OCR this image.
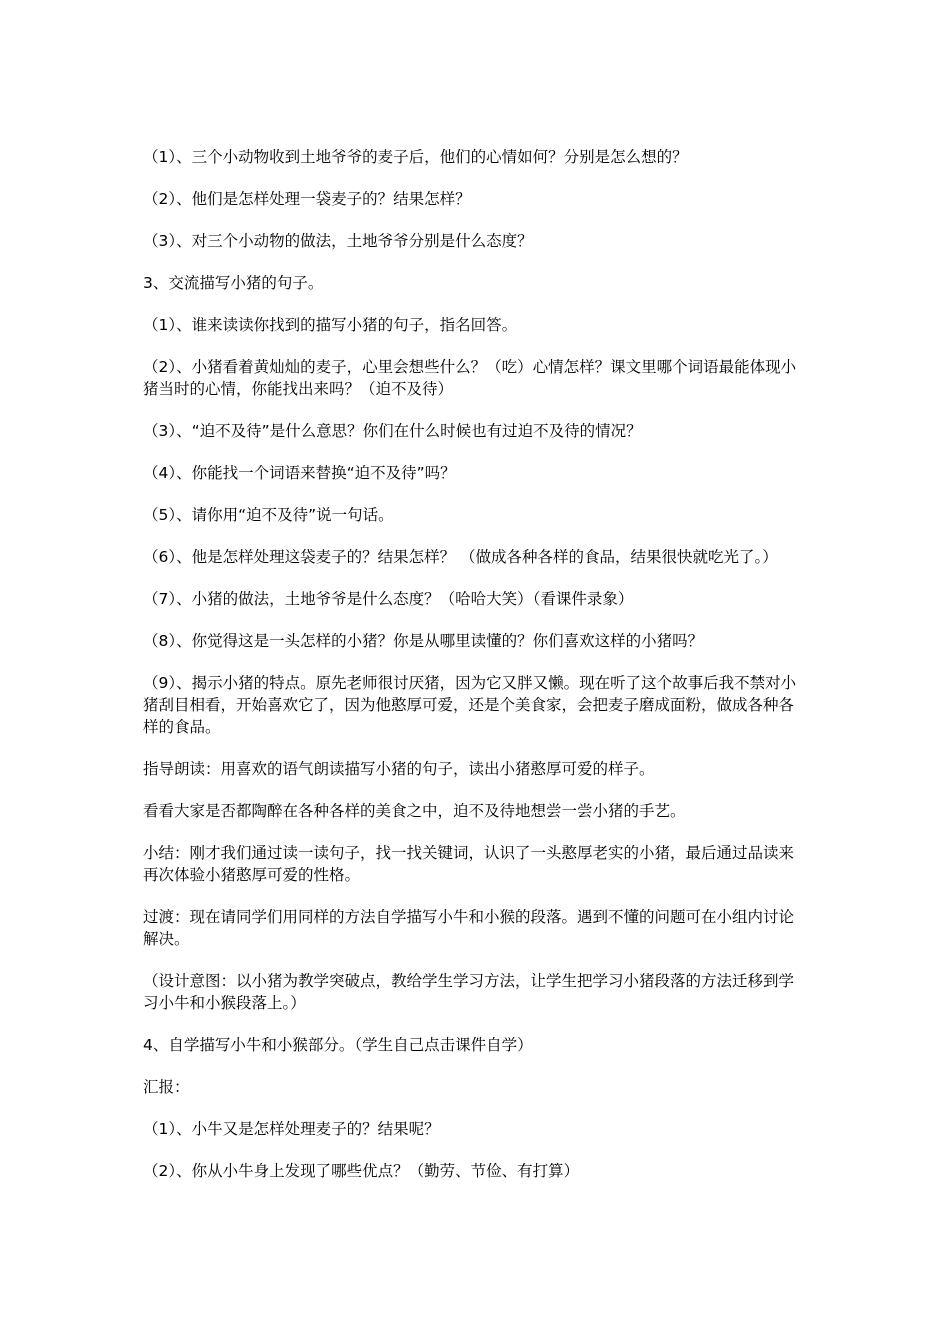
（1）、三个小动物收到土地爷爷的麦子后，他们的心情如何？分别是怎么想的？

（2）、他们是怎样处理一袋麦子的？结果怎样？

（3）、对三个小动物的做法，土地爷爷分别是什么态度？

3、交流描写小猪的句子。

（1）、谁来读读你找到的描写小猪的句子，指名回答。

（2）、小猪看着黄灿灿的麦子，心里会想些什么？（吃）心情怎样？课文里哪个词语最能体现小猪当时的心情，你能找出来吗？（迫不及待）

（3）、“迫不及待”是什么意思？你们在什么时候也有过迫不及待的情况？

（4）、你能找一个词语来替换“迫不及待”吗？

（5）、请你用“迫不及待”说一句话。

（6）、他是怎样处理这袋麦子的？结果怎样？ （做成各种各样的食品，结果很快就吃光了。）

（7）、小猪的做法，土地爷爷是什么态度？（哈哈大笑）（看课件录象）

（8）、你觉得这是一头怎样的小猪？你是从哪里读懂的？你们喜欢这样的小猪吗？

（9）、揭示小猪的特点。原先老师很讨厌猪，因为它又胖又懒。现在听了这个故事后我不禁对小猪刮目相看，开始喜欢它了，因为他憨厚可爱，还是个美食家，会把麦子磨成面粉，做成各种各样的食品。

指导朗读：用喜欢的语气朗读描写小猪的句子，读出小猪憨厚可爱的样子。

看看大家是否都陶醉在各种各样的美食之中，迫不及待地想尝一尝小猪的手艺。

小结：刚才我们通过读一读句子，找一找关键词，认识了一头憨厚老实的小猪，最后通过品读来再次体验小猪憨厚可爱的性格。

过渡：现在请同学们用同样的方法自学描写小牛和小猴的段落。遇到不懂的问题可在小组内讨论解决。

（设计意图：以小猪为教学突破点，教给学生学习方法，让学生把学习小猪段落的方法迁移到学习小牛和小猴段落上。）

4、自学描写小牛和小猴部分。（学生自己点击课件自学）

汇报：

（1）、小牛又是怎样处理麦子的？结果呢？

（2）、你从小牛身上发现了哪些优点？（勤劳、节俭、有打算）
